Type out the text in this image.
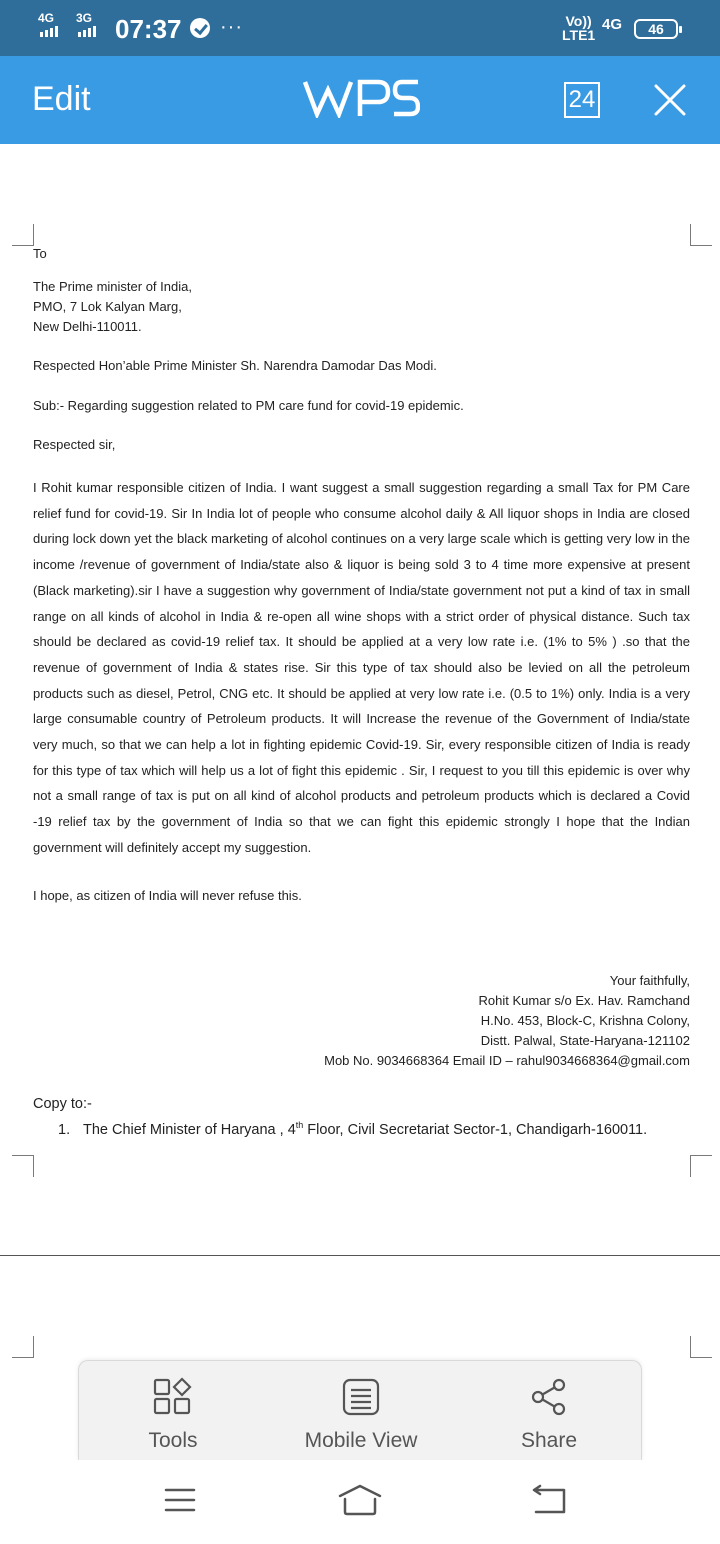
4G 3G 07:37 ···	Vo))
LTE1
4G	46
Edit	24
To
The Prime minister of India,
PMO, 7 Lok Kalyan Marg,
New Delhi-110011.
Respected Hon’able Prime Minister Sh. Narendra Damodar Das Modi.
Sub:- Regarding suggestion related to PM care fund for covid-19 epidemic.
Respected sir,
I Rohit kumar responsible citizen of India. I want suggest a small suggestion regarding a small Tax for PM Care relief fund for covid-19. Sir In India lot of people who consume alcohol daily & All liquor shops in India are closed during lock down yet the black marketing of alcohol continues on a very large scale which is getting very low in the income /revenue of government of India/state also & liquor is being sold 3 to 4 time more expensive at present (Black marketing).sir I have a suggestion why government of India/state government not put a kind of tax in small range on all kinds of alcohol in India & re-open all wine shops with a strict order of physical distance. Such tax should be declared as covid-19 relief tax. It should be applied at a very low rate i.e. (1% to 5% ) .so that the revenue of government of India & states rise. Sir this type of tax should also be levied on all the petroleum products such as diesel, Petrol, CNG etc. It should be applied at very low rate i.e. (0.5 to 1%) only. India is a very large consumable country of Petroleum products. It will Increase the revenue of the Government of India/state very much, so that we can help a lot in fighting epidemic Covid-19. Sir, every responsible citizen of India is ready for this type of tax which will help us a lot of fight this epidemic . Sir, I request to you till this epidemic is over why not a small range of tax is put on all kind of alcohol products and petroleum products which is declared a Covid -19 relief tax by the government of India so that we can fight this epidemic strongly I hope that the Indian government will definitely accept my suggestion.
I hope, as citizen of India will never refuse this.
Your faithfully,
Rohit Kumar s/o Ex. Hav. Ramchand
H.No. 453, Block-C, Krishna Colony,
Distt. Palwal, State-Haryana-121102
Mob No. 9034668364 Email ID – rahul9034668364@gmail.com
Copy to:-
1. The Chief Minister of Haryana , 4th Floor, Civil Secretariat Sector-1, Chandigarh-160011.
Tools	Mobile View	Share
